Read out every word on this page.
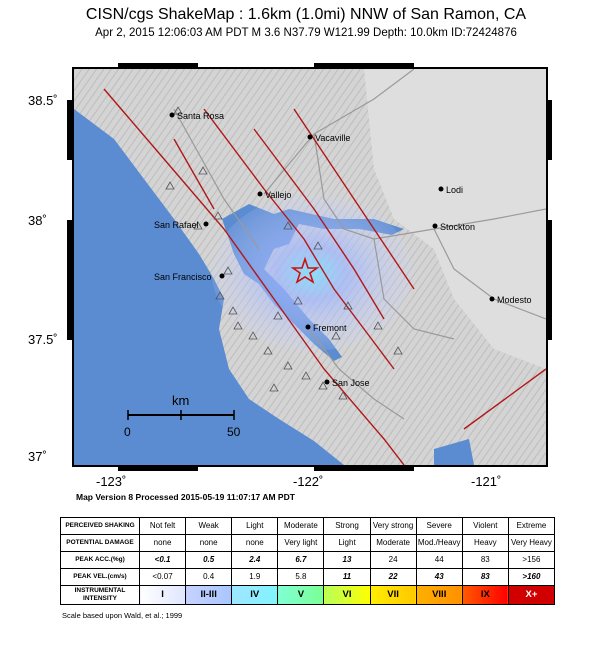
CISN/cgs ShakeMap : 1.6km (1.0mi) NNW of San Ramon, CA
Apr 2, 2015 12:06:03 AM PDT M 3.6 N37.79 W121.99 Depth: 10.0km ID:72424876
38.5˚
38˚
37.5˚
37˚
-123˚	-122˚	-121˚
Santa Rosa
Vacaville
Vallejo	Lodi
San Rafael	Stockton
San Francisco
Modesto
Fremont
San Jose
km
0	50
Map Version 8 Processed 2015-05-19 11:07:17 AM PDT
PERCEIVED SHAKING	Not felt	Weak	Light	Moderate	Strong	Very strong	Severe	Violent	Extreme
POTENTIAL DAMAGE	none	none	none	Very light	Light	Moderate	Mod./Heavy	Heavy	Very Heavy
PEAK ACC.(%g)	<0.1	0.5	2.4	6.7	13	24	44	83	>156
PEAK VEL.(cm/s)	<0.07	0.4	1.9	5.8	11	22	43	83	>160
INSTRUMENTAL INTENSITY	I	II-III	IV	V	VI	VII	VIII	IX	X+
Scale based upon Wald, et al.; 1999
